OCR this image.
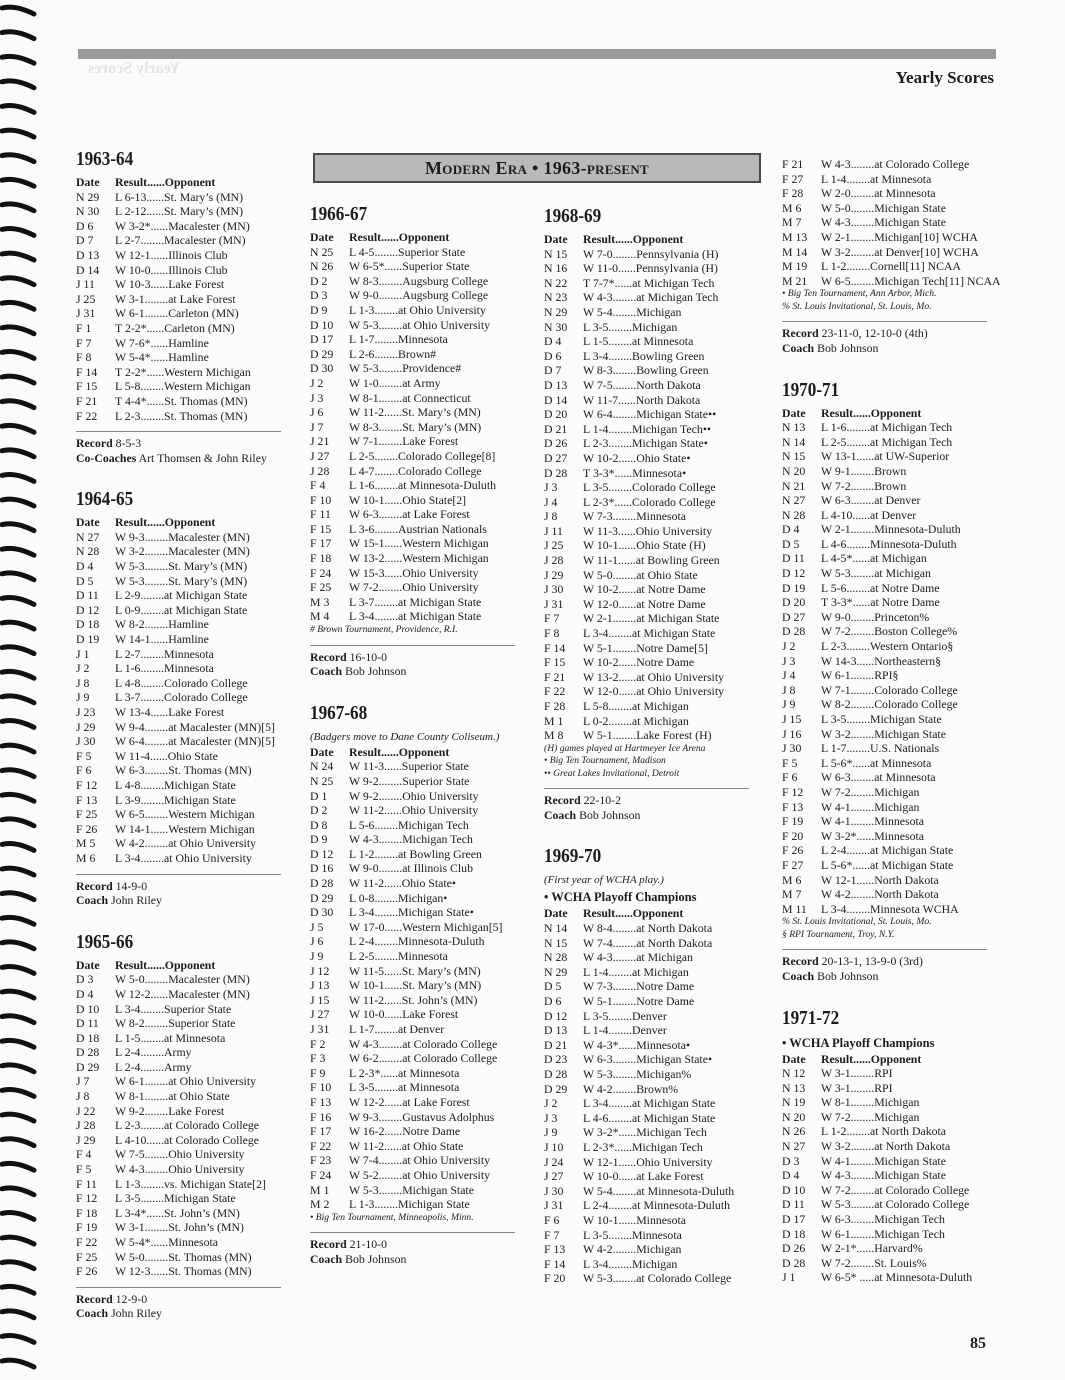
Yearly Scores	Yearly Scores
Modern Era • 1963-present
1963-64
Date	Result......Opponent
N 29	L 6-13......St. Mary’s (MN)
N 30	L 2-12......St. Mary’s (MN)
D 6	W 3-2*......Macalester (MN)
D 7	L 2-7........Macalester (MN)
D 13	W 12-1......Illinois Club
D 14	W 10-0......Illinois Club
J 11	W 10-3......Lake Forest
J 25	W 3-1........at Lake Forest
J 31	W 6-1........Carleton (MN)
F 1	T 2-2*......Carleton (MN)
F 7	W 7-6*......Hamline
F 8	W 5-4*......Hamline
F 14	T 2-2*......Western Michigan
F 15	L 5-8........Western Michigan
F 21	T 4-4*......St. Thomas (MN)
F 22	L 2-3........St. Thomas (MN)
Record 8-5-3
Co-Coaches Art Thomsen & John Riley
1964-65
Date	Result......Opponent
N 27	W 9-3........Macalester (MN)
N 28	W 3-2........Macalester (MN)
D 4	W 5-3........St. Mary’s (MN)
D 5	W 5-3........St. Mary’s (MN)
D 11	L 2-9........at Michigan State
D 12	L 0-9........at Michigan State
D 18	W 8-2........Hamline
D 19	W 14-1......Hamline
J 1	L 2-7........Minnesota
J 2	L 1-6........Minnesota
J 8	L 4-8........Colorado College
J 9	L 3-7........Colorado College
J 23	W 13-4......Lake Forest
J 29	W 9-4........at Macalester (MN)[5]
J 30	W 6-4........at Macalester (MN)[5]
F 5	W 11-4......Ohio State
F 6	W 6-3........St. Thomas (MN)
F 12	L 4-8........Michigan State
F 13	L 3-9........Michigan State
F 25	W 6-5........Western Michigan
F 26	W 14-1......Western Michigan
M 5	W 4-2........at Ohio University
M 6	L 3-4........at Ohio University
Record 14-9-0
Coach John Riley
1965-66
Date	Result......Opponent
D 3	W 5-0........Macalester (MN)
D 4	W 12-2......Macalester (MN)
D 10	L 3-4........Superior State
D 11	W 8-2........Superior State
D 18	L 1-5........at Minnesota
D 28	L 2-4........Army
D 29	L 2-4........Army
J 7	W 6-1........at Ohio University
J 8	W 8-1........at Ohio State
J 22	W 9-2........Lake Forest
J 28	L 2-3........at Colorado College
J 29	L 4-10......at Colorado College
F 4	W 7-5........Ohio University
F 5	W 4-3........Ohio University
F 11	L 1-3........vs. Michigan State[2]
F 12	L 3-5........Michigan State
F 18	L 3-4*......St. John’s (MN)
F 19	W 3-1........St. John’s (MN)
F 22	W 5-4*......Minnesota
F 25	W 5-0........St. Thomas (MN)
F 26	W 12-3......St. Thomas (MN)
Record 12-9-0
Coach John Riley
1966-67
Date	Result......Opponent
N 25	L 4-5........Superior State
N 26	W 6-5*......Superior State
D 2	W 8-3........Augsburg College
D 3	W 9-0........Augsburg College
D 9	L 1-3........at Ohio University
D 10	W 5-3........at Ohio University
D 17	L 1-7........Minnesota
D 29	L 2-6........Brown#
D 30	W 5-3........Providence#
J 2	W 1-0........at Army
J 3	W 8-1........at Connecticut
J 6	W 11-2......St. Mary’s (MN)
J 7	W 8-3........St. Mary’s (MN)
J 21	W 7-1........Lake Forest
J 27	L 2-5........Colorado College[8]
J 28	L 4-7........Colorado College
F 4	L 1-6........at Minnesota-Duluth
F 10	W 10-1......Ohio State[2]
F 11	W 6-3........at Lake Forest
F 15	L 3-6........Austrian Nationals
F 17	W 15-1......Western Michigan
F 18	W 13-2......Western Michigan
F 24	W 15-3......Ohio University
F 25	W 7-2........Ohio University
M 3	L 3-7........at Michigan State
M 4	L 3-4........at Michigan State
# Brown Tournament, Providence, R.I.
Record 16-10-0
Coach Bob Johnson
1967-68
(Badgers move to Dane County Coliseum.)
Date	Result......Opponent
N 24	W 11-3......Superior State
N 25	W 9-2........Superior State
D 1	W 9-2........Ohio University
D 2	W 11-2......Ohio University
D 8	L 5-6........Michigan Tech
D 9	W 4-3........Michigan Tech
D 12	L 1-2........at Bowling Green
D 16	W 9-0........at Illinois Club
D 28	W 11-2......Ohio State•
D 29	L 0-8........Michigan•
D 30	L 3-4........Michigan State•
J 5	W 17-0......Western Michigan[5]
J 6	L 2-4........Minnesota-Duluth
J 9	L 2-5........Minnesota
J 12	W 11-5......St. Mary’s (MN)
J 13	W 10-1......St. Mary’s (MN)
J 15	W 11-2......St. John’s (MN)
J 27	W 10-0......Lake Forest
J 31	L 1-7........at Denver
F 2	W 4-3........at Colorado College
F 3	W 6-2........at Colorado College
F 9	L 2-3*......at Minnesota
F 10	L 3-5........at Minnesota
F 13	W 12-2......at Lake Forest
F 16	W 9-3........Gustavus Adolphus
F 17	W 16-2......Notre Dame
F 22	W 11-2......at Ohio State
F 23	W 7-4........at Ohio University
F 24	W 5-2........at Ohio University
M 1	W 5-3........Michigan State
M 2	L 1-3........Michigan State
• Big Ten Tournament, Minneapolis, Minn.
Record 21-10-0
Coach Bob Johnson
1968-69
Date	Result......Opponent
N 15	W 7-0........Pennsylvania (H)
N 16	W 11-0......Pennsylvania (H)
N 22	T 7-7*......at Michigan Tech
N 23	W 4-3........at Michigan Tech
N 29	W 5-4........Michigan
N 30	L 3-5........Michigan
D 4	L 1-5........at Minnesota
D 6	L 3-4........Bowling Green
D 7	W 8-3........Bowling Green
D 13	W 7-5........North Dakota
D 14	W 11-7......North Dakota
D 20	W 6-4........Michigan State••
D 21	L 1-4........Michigan Tech••
D 26	L 2-3........Michigan State•
D 27	W 10-2......Ohio State•
D 28	T 3-3*......Minnesota•
J 3	L 3-5........Colorado College
J 4	L 2-3*......Colorado College
J 8	W 7-3........Minnesota
J 11	W 11-3......Ohio University
J 25	W 10-1......Ohio State (H)
J 28	W 11-1......at Bowling Green
J 29	W 5-0........at Ohio State
J 30	W 10-2......at Notre Dame
J 31	W 12-0......at Notre Dame
F 7	W 2-1........at Michigan State
F 8	L 3-4........at Michigan State
F 14	W 5-1........Notre Dame[5]
F 15	W 10-2......Notre Dame
F 21	W 13-2......at Ohio University
F 22	W 12-0......at Ohio University
F 28	L 5-8........at Michigan
M 1	L 0-2........at Michigan
M 8	W 5-1........Lake Forest (H)
(H) games played at Hartmeyer Ice Arena
• Big Ten Tournament, Madison
•• Great Lakes Invitational, Detroit
Record 22-10-2
Coach Bob Johnson
1969-70
(First year of WCHA play.)
• WCHA Playoff Champions
Date	Result......Opponent
N 14	W 8-4........at North Dakota
N 15	W 7-4........at North Dakota
N 28	W 4-3........at Michigan
N 29	L 1-4........at Michigan
D 5	W 7-3........Notre Dame
D 6	W 5-1........Notre Dame
D 12	L 3-5........Denver
D 13	L 1-4........Denver
D 21	W 4-3*......Minnesota•
D 23	W 6-3........Michigan State•
D 28	W 5-3........Michigan%
D 29	W 4-2........Brown%
J 2	L 3-4........at Michigan State
J 3	L 4-6........at Michigan State
J 9	W 3-2*......Michigan Tech
J 10	L 2-3*......Michigan Tech
J 24	W 12-1......Ohio University
J 27	W 10-0......at Lake Forest
J 30	W 5-4........at Minnesota-Duluth
J 31	L 2-4........at Minnesota-Duluth
F 6	W 10-1......Minnesota
F 7	L 3-5........Minnesota
F 13	W 4-2........Michigan
F 14	L 3-4........Michigan
F 20	W 5-3........at Colorado College
F 21	W 4-3........at Colorado College
F 27	L 1-4........at Minnesota
F 28	W 2-0........at Minnesota
M 6	W 5-0........Michigan State
M 7	W 4-3........Michigan State
M 13	W 2-1........Michigan[10] WCHA
M 14	W 3-2........at Denver[10] WCHA
M 19	L 1-2........Cornell[11] NCAA
M 21	W 6-5........Michigan Tech[11] NCAA
• Big Ten Tournament, Ann Arbor, Mich.
% St. Louis Invitational, St. Louis, Mo.
Record 23-11-0, 12-10-0 (4th)
Coach Bob Johnson
1970-71
Date	Result......Opponent
N 13	L 1-6........at Michigan Tech
N 14	L 2-5........at Michigan Tech
N 15	W 13-1......at UW-Superior
N 20	W 9-1........Brown
N 21	W 7-2........Brown
N 27	W 6-3........at Denver
N 28	L 4-10......at Denver
D 4	W 2-1........Minnesota-Duluth
D 5	L 4-6........Minnesota-Duluth
D 11	L 4-5*......at Michigan
D 12	W 5-3........at Michigan
D 19	L 5-6........at Notre Dame
D 20	T 3-3*......at Notre Dame
D 27	W 9-0........Princeton%
D 28	W 7-2........Boston College%
J 2	L 2-3........Western Ontario§
J 3	W 14-3......Northeastern§
J 4	W 6-1........RPI§
J 8	W 7-1........Colorado College
J 9	W 8-2........Colorado College
J 15	L 3-5........Michigan State
J 16	W 3-2........Michigan State
J 30	L 1-7........U.S. Nationals
F 5	L 5-6*......at Minnesota
F 6	W 6-3........at Minnesota
F 12	W 7-2........Michigan
F 13	W 4-1........Michigan
F 19	W 4-1........Minnesota
F 20	W 3-2*......Minnesota
F 26	L 2-4........at Michigan State
F 27	L 5-6*......at Michigan State
M 6	W 12-1......North Dakota
M 7	W 4-2........North Dakota
M 11	L 3-4........Minnesota WCHA
% St. Louis Invitational, St. Louis, Mo.
§ RPI Tournament, Troy, N.Y.
Record 20-13-1, 13-9-0 (3rd)
Coach Bob Johnson
1971-72
• WCHA Playoff Champions
Date	Result......Opponent
N 12	W 3-1........RPI
N 13	W 3-1........RPI
N 19	W 8-1........Michigan
N 20	W 7-2........Michigan
N 26	L 1-2........at North Dakota
N 27	W 3-2........at North Dakota
D 3	W 4-1........Michigan State
D 4	W 4-3........Michigan State
D 10	W 7-2........at Colorado College
D 11	W 5-3........at Colorado College
D 17	W 6-3........Michigan Tech
D 18	W 6-1........Michigan Tech
D 26	W 2-1*......Harvard%
D 28	W 7-2........St. Louis%
J 1	W 6-5* .....at Minnesota-Duluth
85
